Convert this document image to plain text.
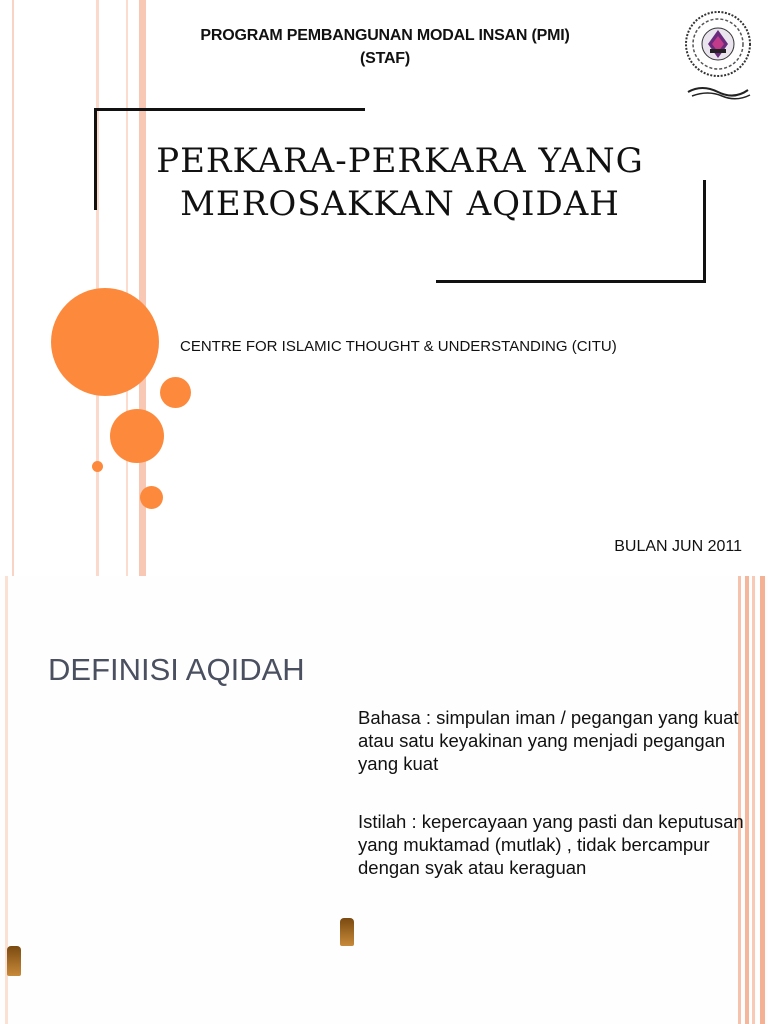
PROGRAM PEMBANGUNAN MODAL INSAN (PMI)
(STAF)
PERKARA-PERKARA YANG
MEROSAKKAN AQIDAH
CENTRE FOR ISLAMIC THOUGHT & UNDERSTANDING (CITU)
BULAN JUN 2011
DEFINISI AQIDAH
Bahasa : simpulan iman / pegangan yang kuat atau satu keyakinan yang menjadi pegangan yang kuat
Istilah : kepercayaan yang pasti dan keputusan yang muktamad (mutlak) , tidak bercampur dengan syak atau keraguan
